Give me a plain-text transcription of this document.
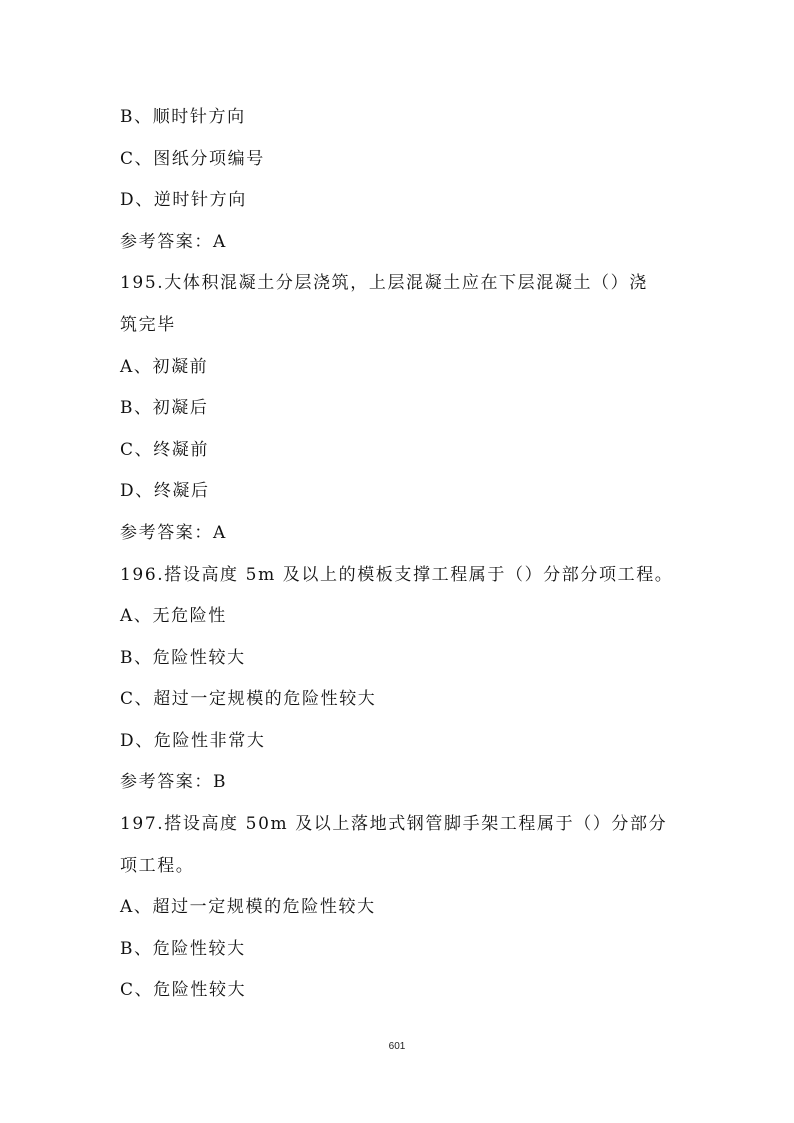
B、顺时针方向
C、图纸分项编号
D、逆时针方向
参考答案：A
195.大体积混凝土分层浇筑，上层混凝土应在下层混凝土（）浇
筑完毕
A、初凝前
B、初凝后
C、终凝前
D、终凝后
参考答案：A
196.搭设高度 5m 及以上的模板支撑工程属于（）分部分项工程。
A、无危险性
B、危险性较大
C、超过一定规模的危险性较大
D、危险性非常大
参考答案：B
197.搭设高度 50m 及以上落地式钢管脚手架工程属于（）分部分
项工程。
A、超过一定规模的危险性较大
B、危险性较大
C、危险性较大
601
